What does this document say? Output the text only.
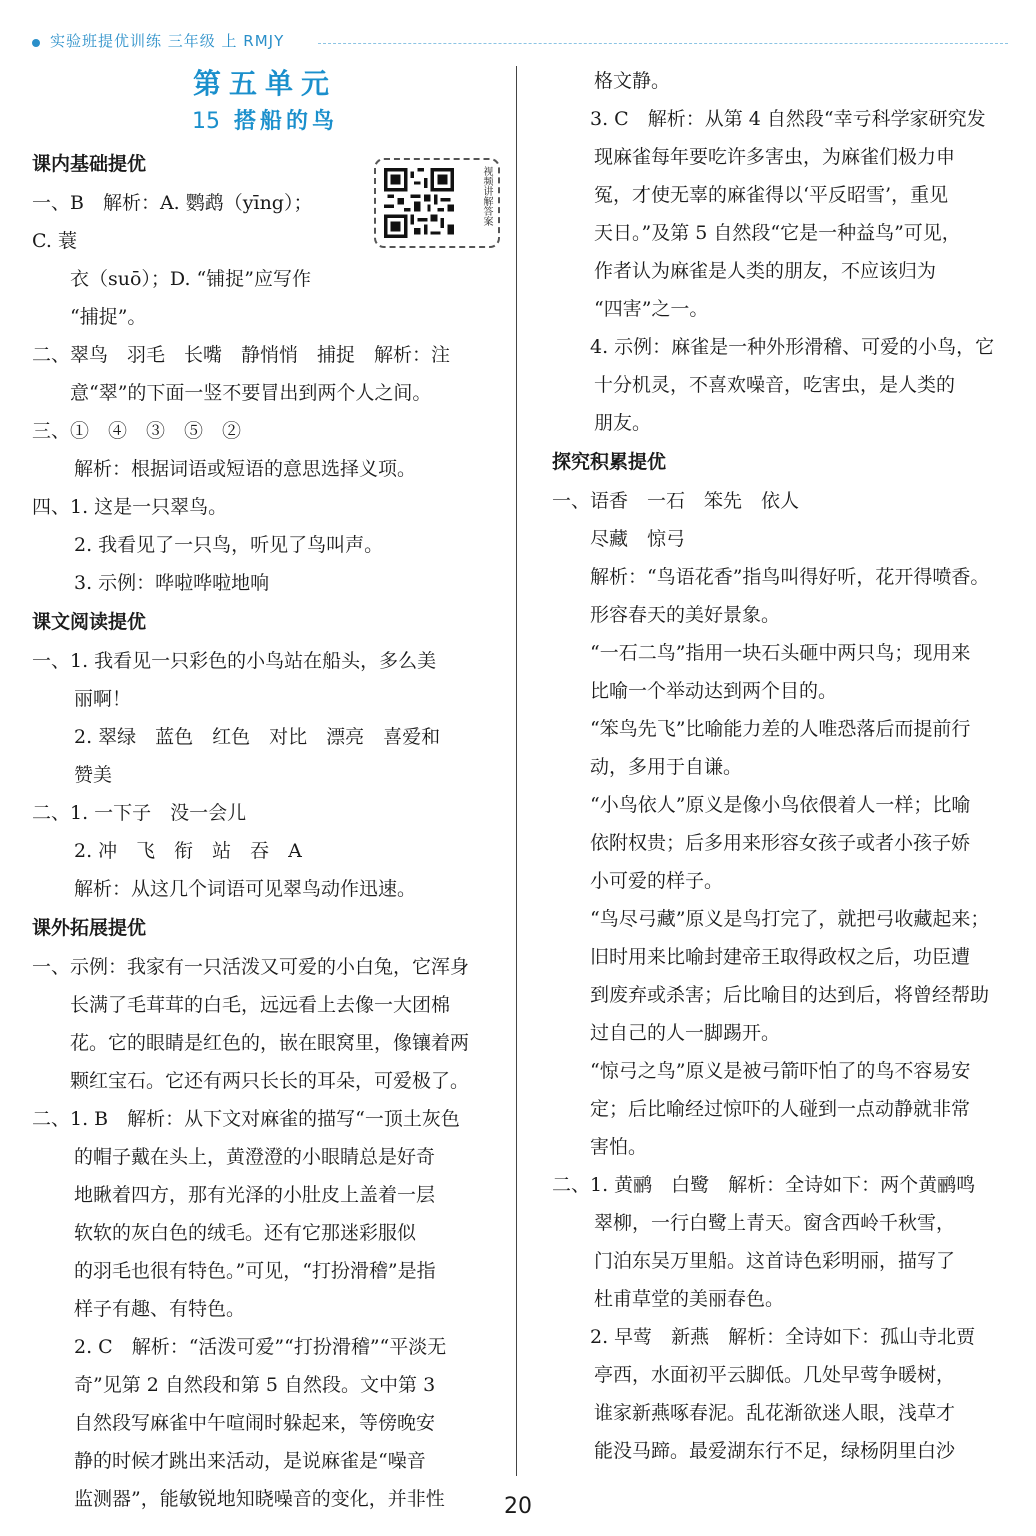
实验班提优训练 三年级 上 RMJY
第五单元
15 搭船的鸟
课内基础提优

一、B　解析：A. 鹦鹉（yīng）；C. 蓑

衣（suō）；D. “铺捉”应写作

“捕捉”。

二、翠鸟　羽毛　长嘴　静悄悄　捕捉　解析：注

意“翠”的下面一竖不要冒出到两个人之间。

三、①　④　③　⑤　②

解析：根据词语或短语的意思选择义项。

四、1. 这是一只翠鸟。

2. 我看见了一只鸟，听见了鸟叫声。

3. 示例：哗啦哗啦地响

课文阅读提优

一、1. 我看见一只彩色的小鸟站在船头，多么美

丽啊！

2. 翠绿　蓝色　红色　对比　漂亮　喜爱和

赞美

二、1. 一下子　没一会儿

2. 冲　飞　衔　站　吞　A

解析：从这几个词语可见翠鸟动作迅速。

课外拓展提优

一、示例：我家有一只活泼又可爱的小白兔，它浑身

长满了毛茸茸的白毛，远远看上去像一大团棉

花。它的眼睛是红色的，嵌在眼窝里，像镶着两

颗红宝石。它还有两只长长的耳朵，可爱极了。

二、1. B　解析：从下文对麻雀的描写“一顶土灰色

的帽子戴在头上，黄澄澄的小眼睛总是好奇

地瞅着四方，那有光泽的小肚皮上盖着一层

软软的灰白色的绒毛。还有它那迷彩服似

的羽毛也很有特色。”可见，“打扮滑稽”是指

样子有趣、有特色。

2. C　解析：“活泼可爱”“打扮滑稽”“平淡无

奇”见第 2 自然段和第 5 自然段。文中第 3

自然段写麻雀中午喧闹时躲起来，等傍晚安

静的时候才跳出来活动，是说麻雀是“噪音

监测器”，能敏锐地知晓噪音的变化，并非性

视频讲解答案

格文静。

3. C　解析：从第 4 自然段“幸亏科学家研究发

现麻雀每年要吃许多害虫，为麻雀们极力申

冤，才使无辜的麻雀得以‘平反昭雪’，重见

天日。”及第 5 自然段“它是一种益鸟”可见，

作者认为麻雀是人类的朋友，不应该归为

“四害”之一。

4. 示例：麻雀是一种外形滑稽、可爱的小鸟，它

十分机灵，不喜欢噪音，吃害虫，是人类的

朋友。

探究积累提优

一、语香　一石　笨先　依人

尽藏　惊弓

解析：“鸟语花香”指鸟叫得好听，花开得喷香。

形容春天的美好景象。

“一石二鸟”指用一块石头砸中两只鸟；现用来

比喻一个举动达到两个目的。

“笨鸟先飞”比喻能力差的人唯恐落后而提前行

动，多用于自谦。

“小鸟依人”原义是像小鸟依偎着人一样；比喻

依附权贵；后多用来形容女孩子或者小孩子娇

小可爱的样子。

“鸟尽弓藏”原义是鸟打完了，就把弓收藏起来；

旧时用来比喻封建帝王取得政权之后，功臣遭

到废弃或杀害；后比喻目的达到后，将曾经帮助

过自己的人一脚踢开。

“惊弓之鸟”原义是被弓箭吓怕了的鸟不容易安

定；后比喻经过惊吓的人碰到一点动静就非常

害怕。

二、1. 黄鹂　白鹭　解析：全诗如下：两个黄鹂鸣

翠柳，一行白鹭上青天。窗含西岭千秋雪，

门泊东吴万里船。这首诗色彩明丽，描写了

杜甫草堂的美丽春色。

2. 早莺　新燕　解析：全诗如下：孤山寺北贾

亭西，水面初平云脚低。几处早莺争暖树，

谁家新燕啄春泥。乱花渐欲迷人眼，浅草才

能没马蹄。最爱湖东行不足，绿杨阴里白沙

20
